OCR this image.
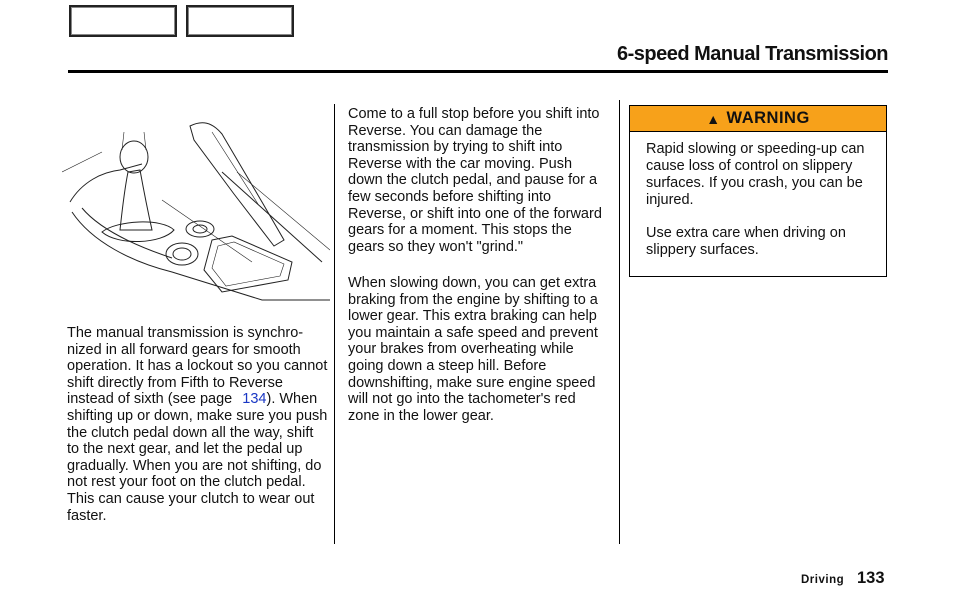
6-speed Manual Transmission

The manual transmission is synchro-nized in all forward gears for smooth operation. It has a lockout so you cannot shift directly from Fifth to Reverse instead of sixth (see page 134). When shifting up or down, make sure you push the clutch pedal down all the way, shift to the next gear, and let the pedal up gradually. When you are not shifting, do not rest your foot on the clutch pedal. This can cause your clutch to wear out faster.

Come to a full stop before you shift into Reverse. You can damage the transmission by trying to shift into Reverse with the car moving. Push down the clutch pedal, and pause for a few seconds before shifting into Reverse, or shift into one of the forward gears for a moment. This stops the gears so they won't "grind."

When slowing down, you can get extra braking from the engine by shifting to a lower gear. This extra braking can help you maintain a safe speed and prevent your brakes from overheating while going down a steep hill. Before downshifting, make sure engine speed will not go into the tachometer's red zone in the lower gear.

▲ WARNING

Rapid slowing or speeding-up can cause loss of control on slippery surfaces. If you crash, you can be injured.

Use extra care when driving on slippery surfaces.

Driving 133
